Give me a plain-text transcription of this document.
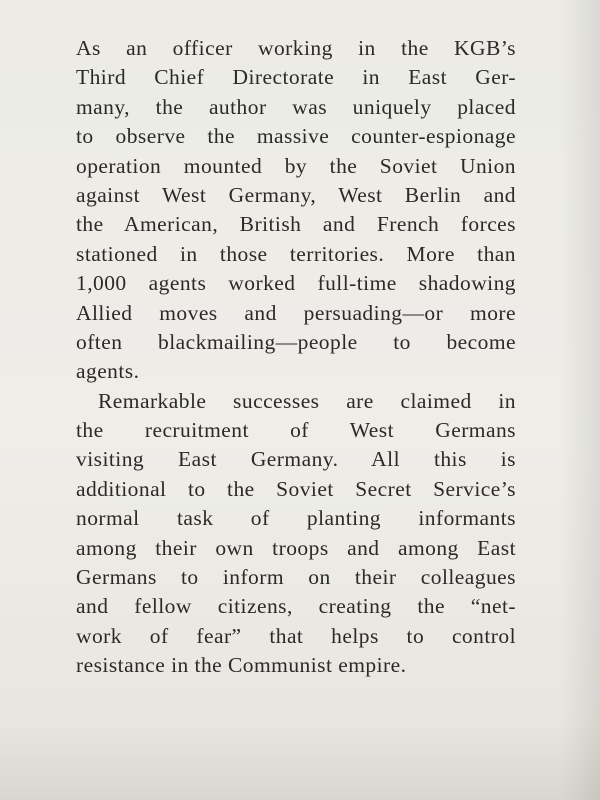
As an officer working in the KGB’s
Third Chief Directorate in East Ger-
many, the author was uniquely placed
to observe the massive counter-espionage
operation mounted by the Soviet Union
against West Germany, West Berlin and
the American, British and French forces
stationed in those territories. More than
1,000 agents worked full-time shadowing
Allied moves and persuading—or more
often blackmailing—people to become
agents.
Remarkable successes are claimed in
the recruitment of West Germans
visiting East Germany. All this is
additional to the Soviet Secret Service’s
normal task of planting informants
among their own troops and among East
Germans to inform on their colleagues
and fellow citizens, creating the “net-
work of fear” that helps to control
resistance in the Communist empire.
